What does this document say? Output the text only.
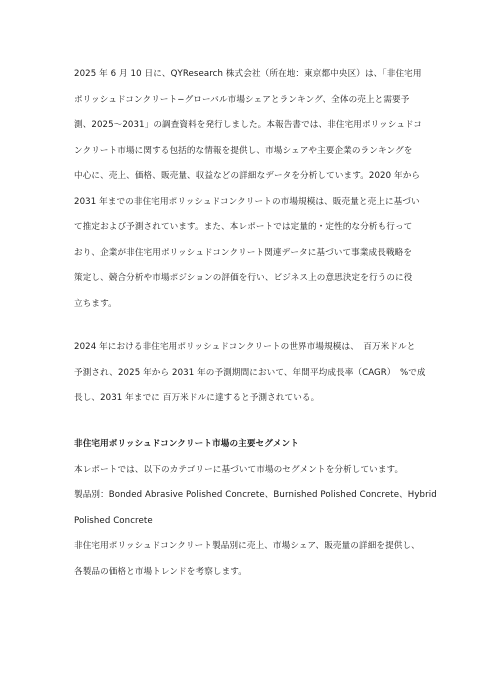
2025 年 6 月 10 日に、QYResearch 株式会社（所在地：東京都中央区）は、「非住宅用
ポリッシュドコンクリート−グローバル市場シェアとランキング、全体の売上と需要予
測、2025〜2031」の調査資料を発行しました。本報告書では、非住宅用ポリッシュドコ
ンクリート市場に関する包括的な情報を提供し、市場シェアや主要企業のランキングを
中心に、売上、価格、販売量、収益などの詳細なデータを分析しています。2020 年から
2031 年までの非住宅用ポリッシュドコンクリートの市場規模は、販売量と売上に基づい
て推定および予測されています。また、本レポートでは定量的・定性的な分析も行って
おり、企業が非住宅用ポリッシュドコンクリート関連データに基づいて事業成長戦略を
策定し、競合分析や市場ポジションの評価を行い、ビジネス上の意思決定を行うのに役
立ちます。
2024 年における非住宅用ポリッシュドコンクリートの世界市場規模は、　百万米ドルと
予測され、2025 年から 2031 年の予測期間において、年間平均成長率（CAGR）　%で成
長し、2031 年までに 百万米ドルに達すると予測されている。
非住宅用ポリッシュドコンクリート市場の主要セグメント
本レポートでは、以下のカテゴリーに基づいて市場のセグメントを分析しています。
製品別：Bonded Abrasive Polished Concrete、Burnished Polished Concrete、Hybrid
Polished Concrete
非住宅用ポリッシュドコンクリート製品別に売上、市場シェア、販売量の詳細を提供し、
各製品の価格と市場トレンドを考察します。
